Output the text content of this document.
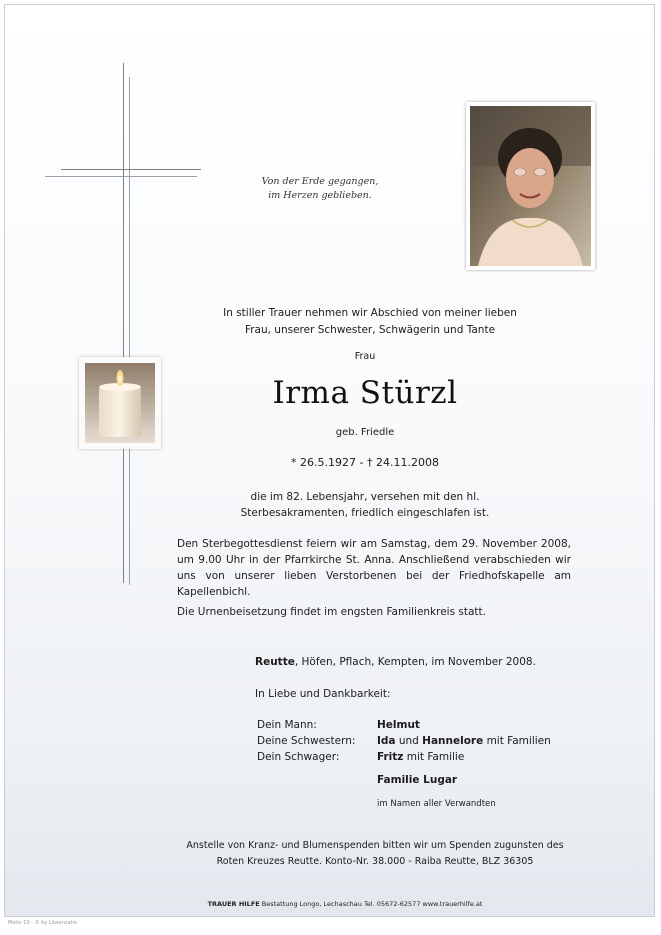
Von der Erde gegangen,
im Herzen geblieben.
In stiller Trauer nehmen wir Abschied von meiner lieben
Frau, unserer Schwester, Schwägerin und Tante
Frau
Irma Stürzl
geb. Friedle
* 26.5.1927 - † 24.11.2008
die im 82. Lebensjahr, versehen mit den hl.
Sterbesakramenten, friedlich eingeschlafen ist.
Den Sterbegottesdienst feiern wir am Samstag, dem 29. November 2008, um 9.00 Uhr in der Pfarrkirche St. Anna. Anschließend verabschieden wir uns von unserer lieben Verstorbenen bei der Friedhofskapelle am Kapellenbichl.
Die Urnenbeisetzung findet im engsten Familienkreis statt.
Reutte, Höfen, Pflach, Kempten, im November 2008.
In Liebe und Dankbarkeit:
Dein Mann:	Helmut
Deine Schwestern: Ida und Hannelore mit Familien
Dein Schwager:	Fritz mit Familie
Familie Lugar
im Namen aller Verwandten
Anstelle von Kranz- und Blumenspenden bitten wir um Spenden zugunsten des
Roten Kreuzes Reutte. Konto-Nr. 38.000 - Raiba Reutte, BLZ 36305
TRAUER HILFE Bestattung Longo, Lechaschau Tel. 05672-62577 www.trauerhilfe.at
Motiv 10 - © by Löwenzahn
